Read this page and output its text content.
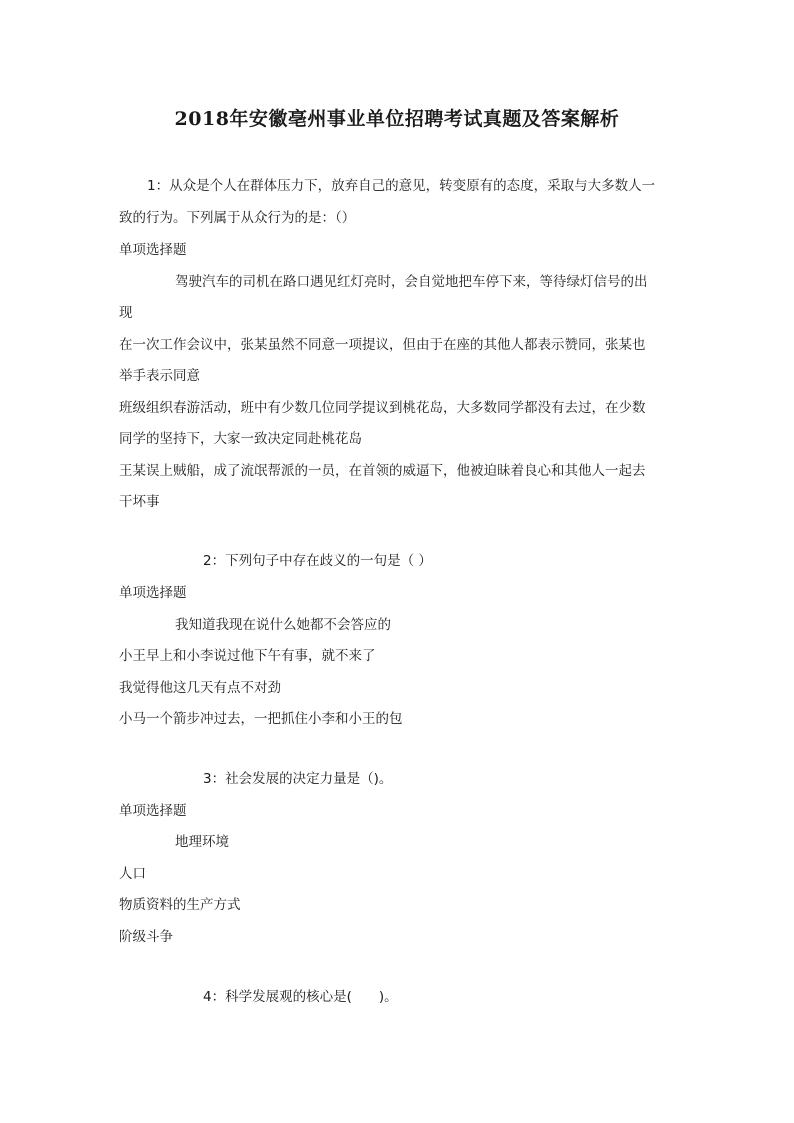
2018年安徽亳州事业单位招聘考试真题及答案解析
1：从众是个人在群体压力下，放弃自己的意见，转变原有的态度，采取与大多数人一
致的行为。下列属于从众行为的是：（）
单项选择题
驾驶汽车的司机在路口遇见红灯亮时，会自觉地把车停下来，等待绿灯信号的出
现
在一次工作会议中，张某虽然不同意一项提议，但由于在座的其他人都表示赞同，张某也
举手表示同意
班级组织春游活动，班中有少数几位同学提议到桃花岛，大多数同学都没有去过，在少数
同学的坚持下，大家一致决定同赴桃花岛
王某误上贼船，成了流氓帮派的一员，在首领的威逼下，他被迫昧着良心和其他人一起去
干坏事
2：下列句子中存在歧义的一句是（ ）
单项选择题
我知道我现在说什么她都不会答应的
小王早上和小李说过他下午有事，就不来了
我觉得他这几天有点不对劲
小马一个箭步冲过去，一把抓住小李和小王的包
3：社会发展的决定力量是（)。
单项选择题
地理环境
人口
物质资料的生产方式
阶级斗争
4：科学发展观的核心是(　　)。
